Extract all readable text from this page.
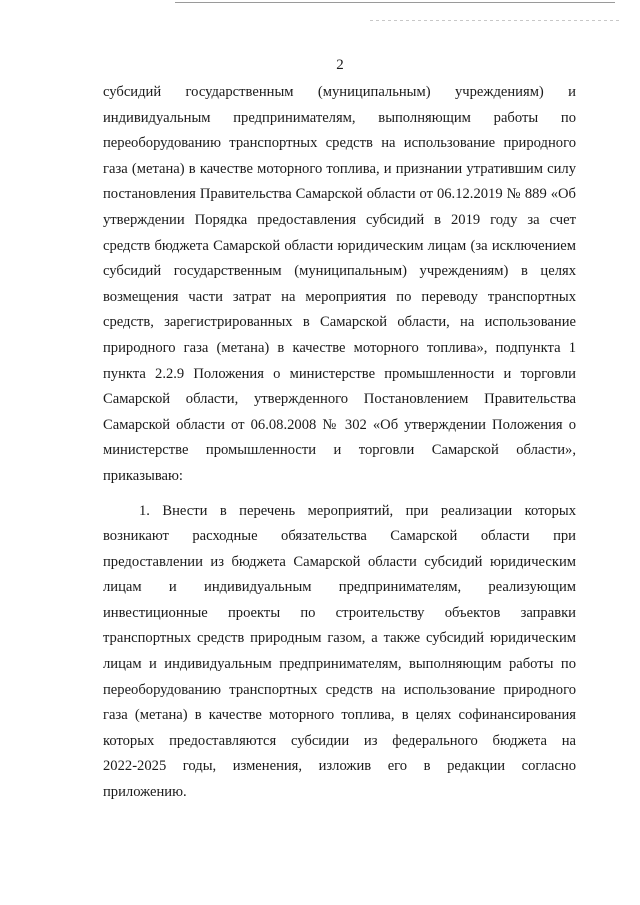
2
субсидий государственным (муниципальным) учреждениям) и
индивидуальным предпринимателям, выполняющим работы по
переоборудованию транспортных средств на использование природного
газа (метана) в качестве моторного топлива, и признании утратившим силу
постановления Правительства Самарской области от 06.12.2019 № 889 «Об
утверждении Порядка предоставления субсидий в 2019 году за счет
средств бюджета Самарской области юридическим лицам (за исключением
субсидий государственным (муниципальным) учреждениям) в целях
возмещения части затрат на мероприятия по переводу транспортных
средств, зарегистрированных в Самарской области, на использование
природного газа (метана) в качестве моторного топлива», подпункта 1
пункта 2.2.9 Положения о министерстве промышленности и торговли
Самарской области, утвержденного Постановлением Правительства
Самарской области от 06.08.2008 № 302 «Об утверждении Положения о
министерстве промышленности и торговли Самарской области»,
приказываю:
1. Внести в перечень мероприятий, при реализации которых
возникают расходные обязательства Самарской области при
предоставлении из бюджета Самарской области субсидий юридическим
лицам и индивидуальным предпринимателям, реализующим
инвестиционные проекты по строительству объектов заправки
транспортных средств природным газом, а также субсидий юридическим
лицам и индивидуальным предпринимателям, выполняющим работы по
переоборудованию транспортных средств на использование природного
газа (метана) в качестве моторного топлива, в целях софинансирования
которых предоставляются субсидии из федерального бюджета на
2022-2025 годы, изменения, изложив его в редакции согласно
приложению.
